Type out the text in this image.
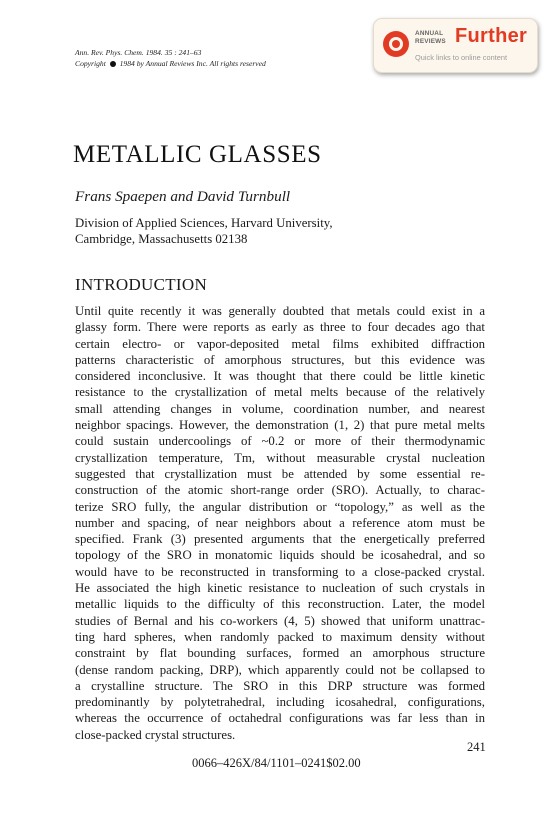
Ann. Rev. Phys. Chem. 1984. 35 : 241–63
Copyright 1984 by Annual Reviews Inc. All rights reserved
ANNUAL
REVIEWS Further
Quick links to online content
METALLIC GLASSES
Frans Spaepen and David Turnbull
Division of Applied Sciences, Harvard University,
Cambridge, Massachusetts 02138
INTRODUCTION
Until quite recently it was generally doubted that metals could exist in a
glassy form. There were reports as early as three to four decades ago that
certain electro- or vapor-deposited metal films exhibited diffraction
patterns characteristic of amorphous structures, but this evidence was
considered inconclusive. It was thought that there could be little kinetic
resistance to the crystallization of metal melts because of the relatively
small attending changes in volume, coordination number, and nearest
neighbor spacings. However, the demonstration (1, 2) that pure metal melts
could sustain undercoolings of ~0.2 or more of their thermodynamic
crystallization temperature, Tm, without measurable crystal nucleation
suggested that crystallization must be attended by some essential re-
construction of the atomic short-range order (SRO). Actually, to charac-
terize SRO fully, the angular distribution or “topology,” as well as the
number and spacing, of near neighbors about a reference atom must be
specified. Frank (3) presented arguments that the energetically preferred
topology of the SRO in monatomic liquids should be icosahedral, and so
would have to be reconstructed in transforming to a close-packed crystal.
He associated the high kinetic resistance to nucleation of such crystals in
metallic liquids to the difficulty of this reconstruction. Later, the model
studies of Bernal and his co-workers (4, 5) showed that uniform unattrac-
ting hard spheres, when randomly packed to maximum density without
constraint by flat bounding surfaces, formed an amorphous structure
(dense random packing, DRP), which apparently could not be collapsed to
a crystalline structure. The SRO in this DRP structure was formed
predominantly by polytetrahedral, including icosahedral, configurations,
whereas the occurrence of octahedral configurations was far less than in
close-packed crystal structures.
241
0066–426X/84/1101–0241$02.00
